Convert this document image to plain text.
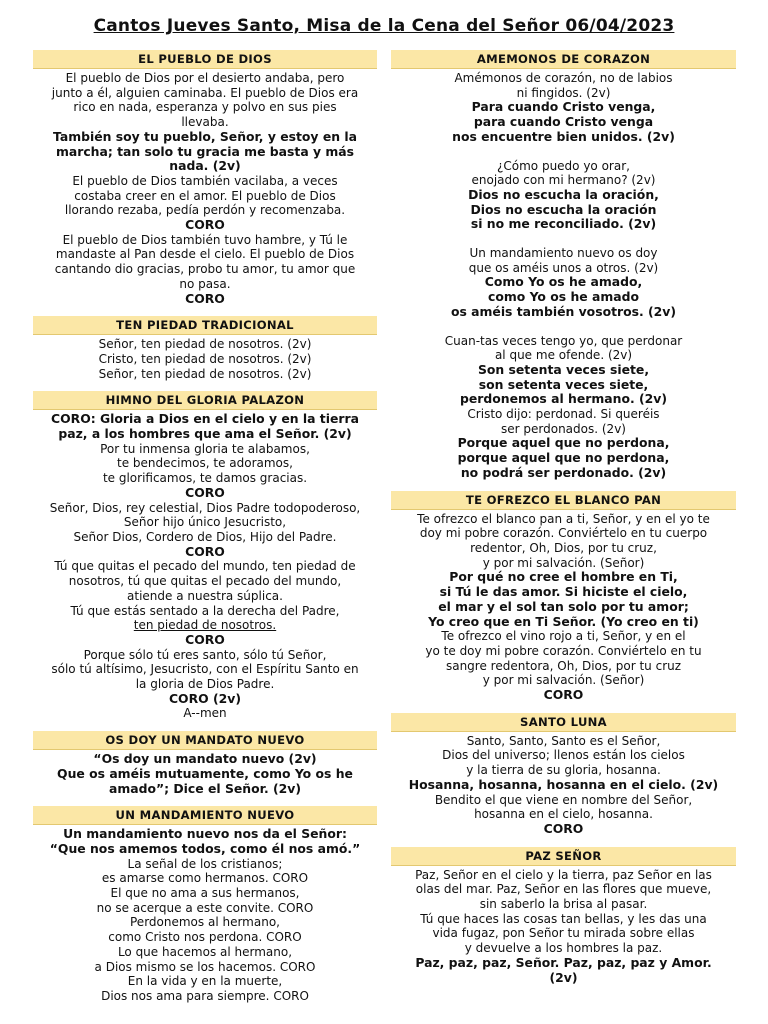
Cantos Jueves Santo, Misa de la Cena del Señor 06/04/2023
EL PUEBLO DE DIOS
El pueblo de Dios por el desierto andaba, pero
junto a él, alguien caminaba. El pueblo de Dios era
rico en nada, esperanza y polvo en sus pies
llevaba.
También soy tu pueblo, Señor, y estoy en la
marcha; tan solo tu gracia me basta y más
nada. (2v)
El pueblo de Dios también vacilaba, a veces
costaba creer en el amor. El pueblo de Dios
llorando rezaba, pedía perdón y recomenzaba.
CORO
El pueblo de Dios también tuvo hambre, y Tú le
mandaste al Pan desde el cielo. El pueblo de Dios
cantando dio gracias, probo tu amor, tu amor que
no pasa.
CORO
TEN PIEDAD TRADICIONAL
Señor, ten piedad de nosotros. (2v)
Cristo, ten piedad de nosotros. (2v)
Señor, ten piedad de nosotros. (2v)
HIMNO DEL GLORIA PALAZON
CORO: Gloria a Dios en el cielo y en la tierra
paz, a los hombres que ama el Señor. (2v)
Por tu inmensa gloria te alabamos,
te bendecimos, te adoramos,
te glorificamos, te damos gracias.
CORO
Señor, Dios, rey celestial, Dios Padre todopoderoso,
Señor hijo único Jesucristo,
Señor Dios, Cordero de Dios, Hijo del Padre.
CORO
Tú que quitas el pecado del mundo, ten piedad de
nosotros, tú que quitas el pecado del mundo,
atiende a nuestra súplica.
Tú que estás sentado a la derecha del Padre,
ten piedad de nosotros.
CORO
Porque sólo tú eres santo, sólo tú Señor,
sólo tú altísimo, Jesucristo, con el Espíritu Santo en
la gloria de Dios Padre.
CORO (2v)
A--men
OS DOY UN MANDATO NUEVO
“Os doy un mandato nuevo (2v)
Que os améis mutuamente, como Yo os he
amado”; Dice el Señor. (2v)
UN MANDAMIENTO NUEVO
Un mandamiento nuevo nos da el Señor:
“Que nos amemos todos, como él nos amó.”
La señal de los cristianos;
es amarse como hermanos. CORO
El que no ama a sus hermanos,
no se acerque a este convite. CORO
Perdonemos al hermano,
como Cristo nos perdona. CORO
Lo que hacemos al hermano,
a Dios mismo se los hacemos. CORO
En la vida y en la muerte,
Dios nos ama para siempre. CORO
AMEMONOS DE CORAZON
Amémonos de corazón, no de labios
ni fingidos. (2v)
Para cuando Cristo venga,
para cuando Cristo venga
nos encuentre bien unidos. (2v)
¿Cómo puedo yo orar,
enojado con mi hermano? (2v)
Dios no escucha la oración,
Dios no escucha la oración
si no me reconciliado. (2v)
Un mandamiento nuevo os doy
que os améis unos a otros. (2v)
Como Yo os he amado,
como Yo os he amado
os améis también vosotros. (2v)
Cuan-tas veces tengo yo, que perdonar
al que me ofende. (2v)
Son setenta veces siete,
son setenta veces siete,
perdonemos al hermano. (2v)
Cristo dijo: perdonad. Si queréis
ser perdonados. (2v)
Porque aquel que no perdona,
porque aquel que no perdona,
no podrá ser perdonado. (2v)
TE OFREZCO EL BLANCO PAN
Te ofrezco el blanco pan a ti, Señor, y en el yo te
doy mi pobre corazón. Conviértelo en tu cuerpo
redentor, Oh, Dios, por tu cruz,
y por mi salvación. (Señor)
Por qué no cree el hombre en Ti,
si Tú le das amor. Si hiciste el cielo,
el mar y el sol tan solo por tu amor;
Yo creo que en Ti Señor. (Yo creo en ti)
Te ofrezco el vino rojo a ti, Señor, y en el
yo te doy mi pobre corazón. Conviértelo en tu
sangre redentora, Oh, Dios, por tu cruz
y por mi salvación. (Señor)
CORO
SANTO LUNA
Santo, Santo, Santo es el Señor,
Dios del universo; llenos están los cielos
y la tierra de su gloria, hosanna.
Hosanna, hosanna, hosanna en el cielo. (2v)
Bendito el que viene en nombre del Señor,
hosanna en el cielo, hosanna.
CORO
PAZ SEÑOR
Paz, Señor en el cielo y la tierra, paz Señor en las
olas del mar. Paz, Señor en las flores que mueve,
sin saberlo la brisa al pasar.
Tú que haces las cosas tan bellas, y les das una
vida fugaz, pon Señor tu mirada sobre ellas
y devuelve a los hombres la paz.
Paz, paz, paz, Señor. Paz, paz, paz y Amor.
(2v)
